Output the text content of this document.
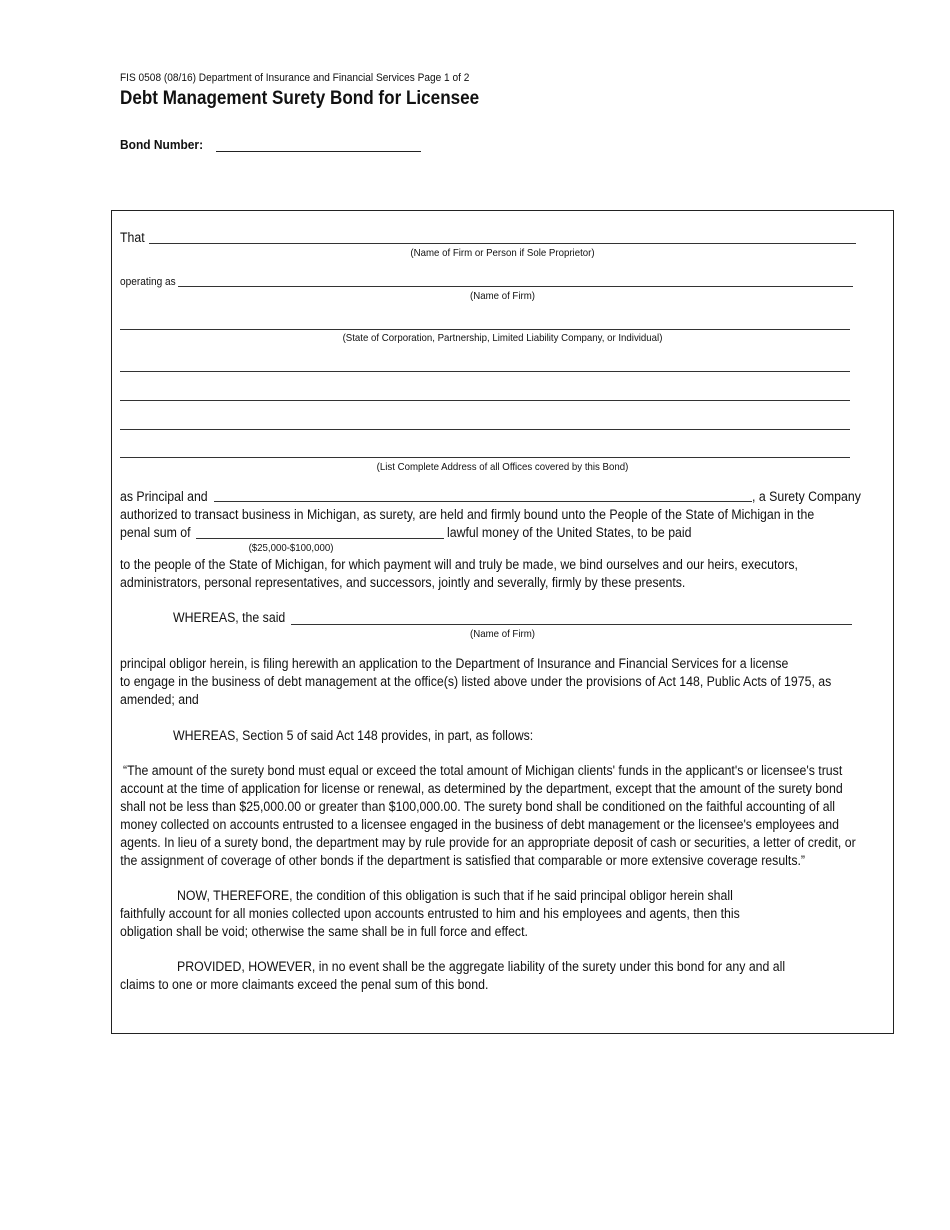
FIS 0508 (08/16) Department of Insurance and Financial Services Page 1 of 2
Debt Management Surety Bond for Licensee
Bond Number:
That
(Name of Firm or Person if Sole Proprietor)
operating as
(Name of Firm)
(State of Corporation, Partnership, Limited Liability Company, or Individual)
(List Complete Address of all Offices covered by this Bond)
as Principal and	, a Surety Company
authorized to transact business in Michigan, as surety, are held and firmly bound unto the People of the State of Michigan in the
penal sum of	lawful money of the United States, to be paid
($25,000-$100,000)
to the people of the State of Michigan, for which payment will and truly be made, we bind ourselves and our heirs, executors,
administrators, personal representatives, and successors, jointly and severally, firmly by these presents.
WHEREAS, the said
(Name of Firm)
principal obligor herein, is filing herewith an application to the Department of Insurance and Financial Services for a license
to engage in the business of debt management at the office(s) listed above under the provisions of Act 148, Public Acts of 1975, as
amended; and
WHEREAS, Section 5 of said Act 148 provides, in part, as follows:
“The amount of the surety bond must equal or exceed the total amount of Michigan clients' funds in the applicant's or licensee's trust
account at the time of application for license or renewal, as determined by the department, except that the amount of the surety bond
shall not be less than $25,000.00 or greater than $100,000.00. The surety bond shall be conditioned on the faithful accounting of all
money collected on accounts entrusted to a licensee engaged in the business of debt management or the licensee's employees and
agents. In lieu of a surety bond, the department may by rule provide for an appropriate deposit of cash or securities, a letter of credit, or
the assignment of coverage of other bonds if the department is satisfied that comparable or more extensive coverage results.”
NOW, THEREFORE, the condition of this obligation is such that if he said principal obligor herein shall
faithfully account for all monies collected upon accounts entrusted to him and his employees and agents, then this
obligation shall be void; otherwise the same shall be in full force and effect.
PROVIDED, HOWEVER, in no event shall be the aggregate liability of the surety under this bond for any and all
claims to one or more claimants exceed the penal sum of this bond.
